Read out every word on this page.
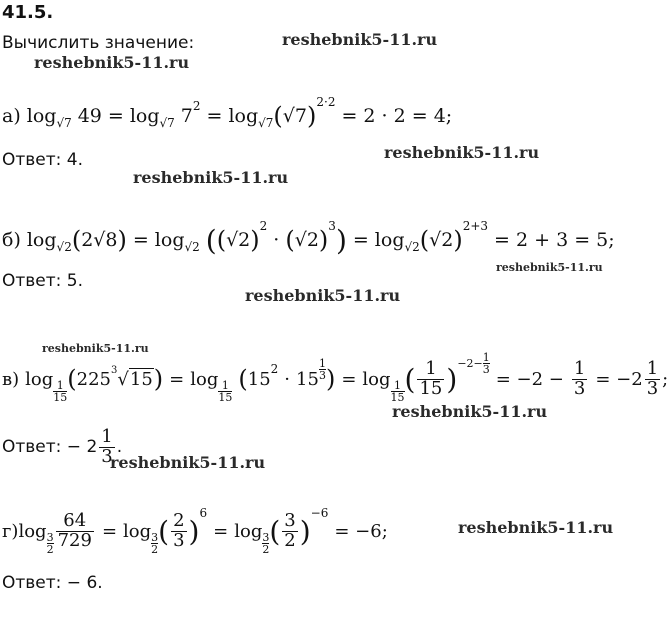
41.5.
Вычислить значение:	reshebnik5-11.ru
reshebnik5-11.ru
reshebnik5-11.ru
reshebnik5-11.ru
reshebnik5-11.ru
reshebnik5-11.ru
reshebnik5-11.ru
reshebnik5-11.ru
reshebnik5-11.ru
reshebnik5-11.ru
а) log √7 49 = log √7 7 2 = log √7 ( √7 ) 2·2
= 2 · 2 = 4;
Ответ: 4.
б) log √2 ( 2√8 ) = log √2 ( ( √2 ) 2
· ( √2 ) 3 ) = log √2 ( √2 ) 2+3
= 2 + 3 = 5;
Ответ: 5.
в) log 1
15
( 225 3 √ 15 ) = log 1
15
( 15 2 · 15
1
3 ) = log 1
15
( $\frac{1}{15}$ ) $-2- \frac{1}{3}$
= $-2 - \frac{1}{3} = -2 \frac{1}{3}$ ;
Ответ: − $2 \frac{1}{3}$ .
г) log 3
$2 \frac{64}{729} = \log 3$
2
( $\frac{2}{3}$ )
6
= log 3
2
( $\frac{3}{2}$ )
−6
= −6;
Ответ: − 6.
